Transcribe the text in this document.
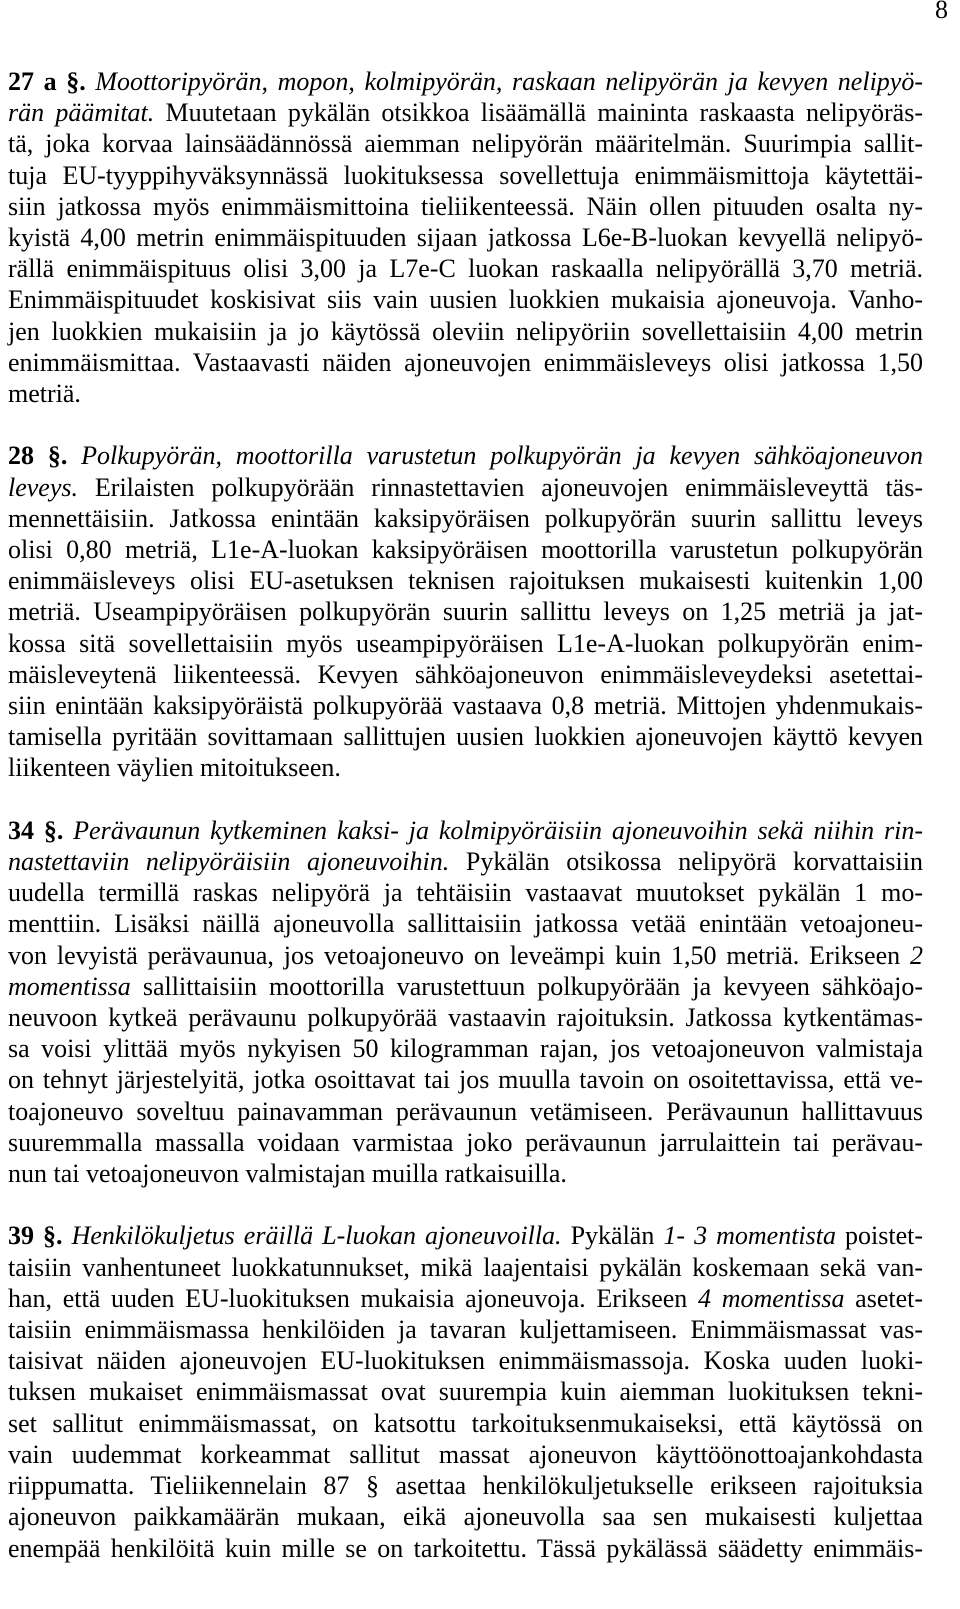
8
27 a §. Moottoripyörän, mopon, kolmipyörän, raskaan nelipyörän ja kevyen nelipyö-
rän päämitat. Muutetaan pykälän otsikkoa lisäämällä maininta raskaasta nelipyöräs-
tä, joka korvaa lainsäädännössä aiemman nelipyörän määritelmän. Suurimpia sallit-
tuja EU-tyyppihyväksynnässä luokituksessa sovellettuja enimmäismittoja käytettäi-
siin jatkossa myös enimmäismittoina tieliikenteessä. Näin ollen pituuden osalta ny-
kyistä 4,00 metrin enimmäispituuden sijaan jatkossa L6e-B-luokan kevyellä nelipyö-
rällä enimmäispituus olisi 3,00 ja L7e-C luokan raskaalla nelipyörällä 3,70 metriä.
Enimmäispituudet koskisivat siis vain uusien luokkien mukaisia ajoneuvoja. Vanho-
jen luokkien mukaisiin ja jo käytössä oleviin nelipyöriin sovellettaisiin 4,00 metrin
enimmäismittaa. Vastaavasti näiden ajoneuvojen enimmäisleveys olisi jatkossa 1,50
metriä.
28 §. Polkupyörän, moottorilla varustetun polkupyörän ja kevyen sähköajoneuvon
leveys. Erilaisten polkupyörään rinnastettavien ajoneuvojen enimmäisleveyttä täs-
mennettäisiin. Jatkossa enintään kaksipyöräisen polkupyörän suurin sallittu leveys
olisi 0,80 metriä, L1e-A-luokan kaksipyöräisen moottorilla varustetun polkupyörän
enimmäisleveys olisi EU-asetuksen teknisen rajoituksen mukaisesti kuitenkin 1,00
metriä. Useampipyöräisen polkupyörän suurin sallittu leveys on 1,25 metriä ja jat-
kossa sitä sovellettaisiin myös useampipyöräisen L1e-A-luokan polkupyörän enim-
mäisleveytenä liikenteessä. Kevyen sähköajoneuvon enimmäisleveydeksi asetettai-
siin enintään kaksipyöräistä polkupyörää vastaava 0,8 metriä. Mittojen yhdenmukais-
tamisella pyritään sovittamaan sallittujen uusien luokkien ajoneuvojen käyttö kevyen
liikenteen väylien mitoitukseen.
34 §. Perävaunun kytkeminen kaksi- ja kolmipyöräisiin ajoneuvoihin sekä niihin rin-
nastettaviin nelipyöräisiin ajoneuvoihin. Pykälän otsikossa nelipyörä korvattaisiin
uudella termillä raskas nelipyörä ja tehtäisiin vastaavat muutokset pykälän 1 mo-
menttiin. Lisäksi näillä ajoneuvolla sallittaisiin jatkossa vetää enintään vetoajoneu-
von levyistä perävaunua, jos vetoajoneuvo on leveämpi kuin 1,50 metriä. Erikseen 2
momentissa sallittaisiin moottorilla varustettuun polkupyörään ja kevyeen sähköajo-
neuvoon kytkeä perävaunu polkupyörää vastaavin rajoituksin. Jatkossa kytkentämas-
sa voisi ylittää myös nykyisen 50 kilogramman rajan, jos vetoajoneuvon valmistaja
on tehnyt järjestelyitä, jotka osoittavat tai jos muulla tavoin on osoitettavissa, että ve-
toajoneuvo soveltuu painavamman perävaunun vetämiseen. Perävaunun hallittavuus
suuremmalla massalla voidaan varmistaa joko perävaunun jarrulaittein tai perävau-
nun tai vetoajoneuvon valmistajan muilla ratkaisuilla.
39 §. Henkilökuljetus eräillä L-luokan ajoneuvoilla. Pykälän 1- 3 momentista poistet-
taisiin vanhentuneet luokkatunnukset, mikä laajentaisi pykälän koskemaan sekä van-
han, että uuden EU-luokituksen mukaisia ajoneuvoja. Erikseen 4 momentissa asetet-
taisiin enimmäismassa henkilöiden ja tavaran kuljettamiseen. Enimmäismassat vas-
taisivat näiden ajoneuvojen EU-luokituksen enimmäismassoja. Koska uuden luoki-
tuksen mukaiset enimmäismassat ovat suurempia kuin aiemman luokituksen tekni-
set sallitut enimmäismassat, on katsottu tarkoituksenmukaiseksi, että käytössä on
vain uudemmat korkeammat sallitut massat ajoneuvon käyttöönottoajankohdasta
riippumatta. Tieliikennelain 87 § asettaa henkilökuljetukselle erikseen rajoituksia
ajoneuvon paikkamäärän mukaan, eikä ajoneuvolla saa sen mukaisesti kuljettaa
enempää henkilöitä kuin mille se on tarkoitettu. Tässä pykälässä säädetty enimmäis-
